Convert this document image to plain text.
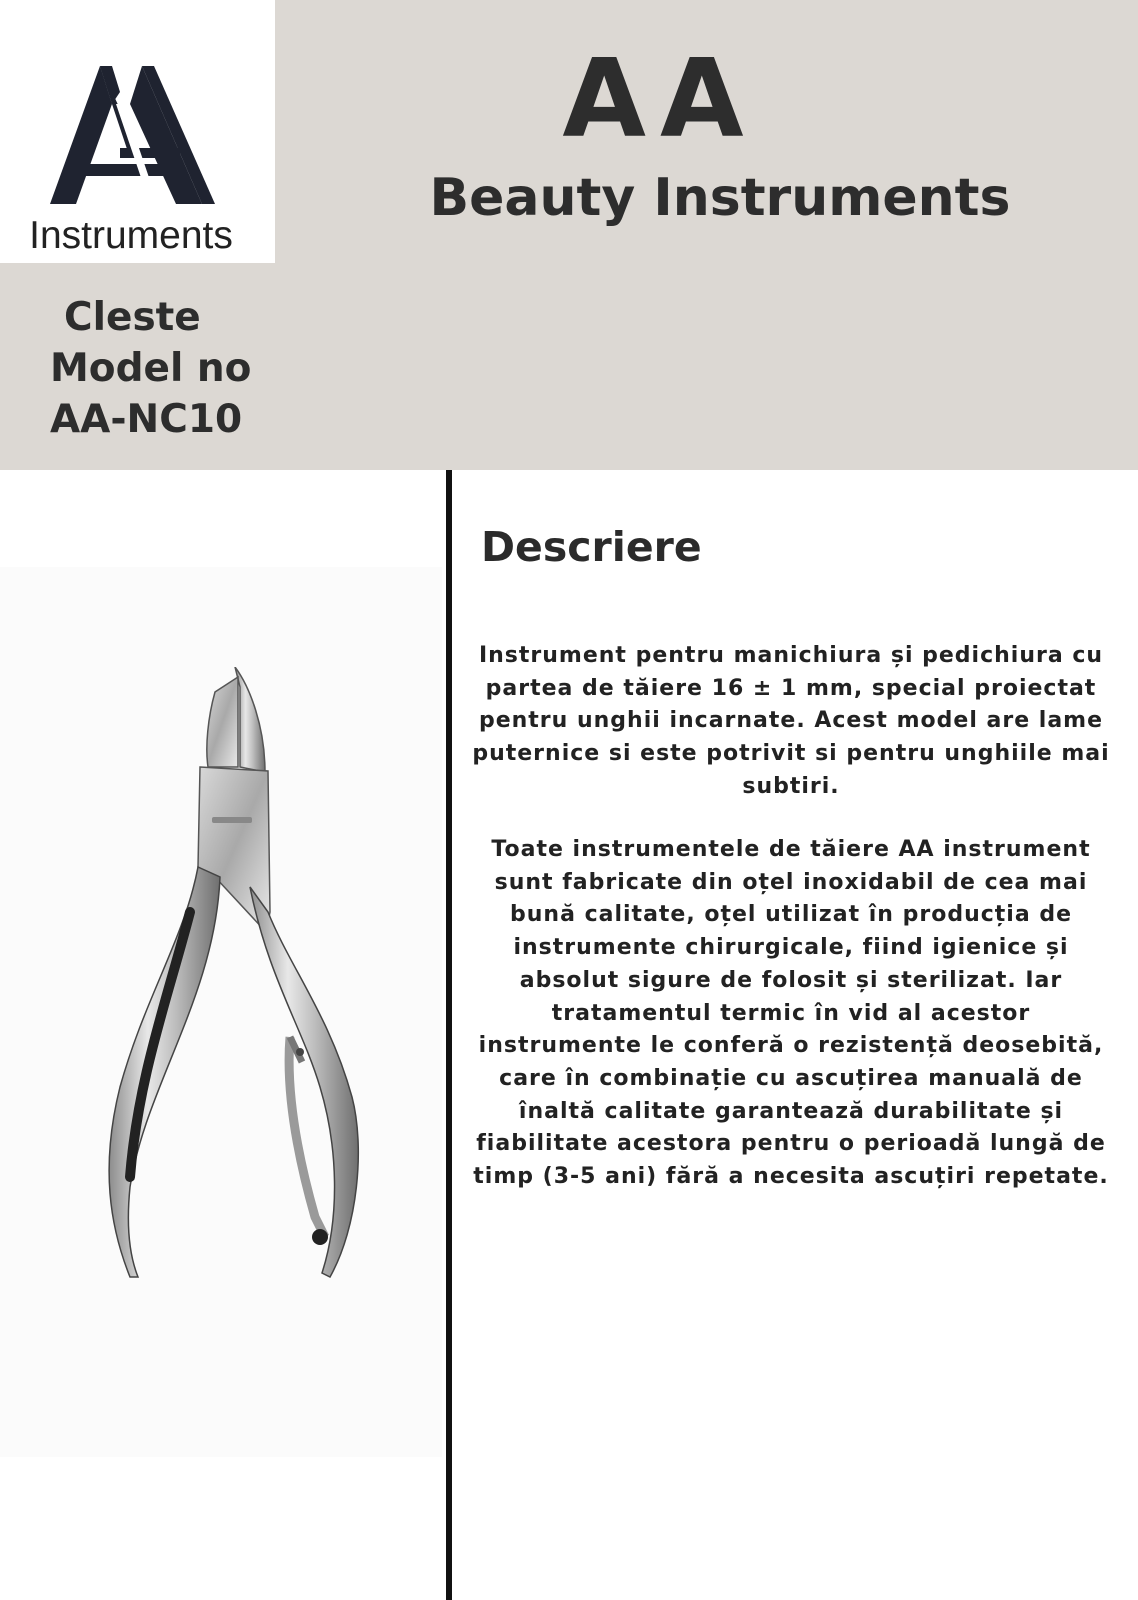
Instruments
AA
Beauty Instruments
Cleste
Model no
AA-NC10
Descriere
Instrument pentru manichiura și pedichiura cu partea de tăiere 16 ± 1 mm, special proiectat pentru unghii incarnate. Acest model are lame puternice si este potrivit si pentru unghiile mai subtiri.
Toate instrumentele de tăiere AA instrument sunt fabricate din oțel inoxidabil de cea mai bună calitate, oțel utilizat în producția de instrumente chirurgicale, fiind igienice și absolut sigure de folosit și sterilizat. Iar tratamentul termic în vid al acestor instrumente le conferă o rezistență deosebită, care în combinație cu ascuțirea manuală de înaltă calitate garantează durabilitate și fiabilitate acestora pentru o perioadă lungă de timp (3-5 ani) fără a necesita ascuțiri repetate.
